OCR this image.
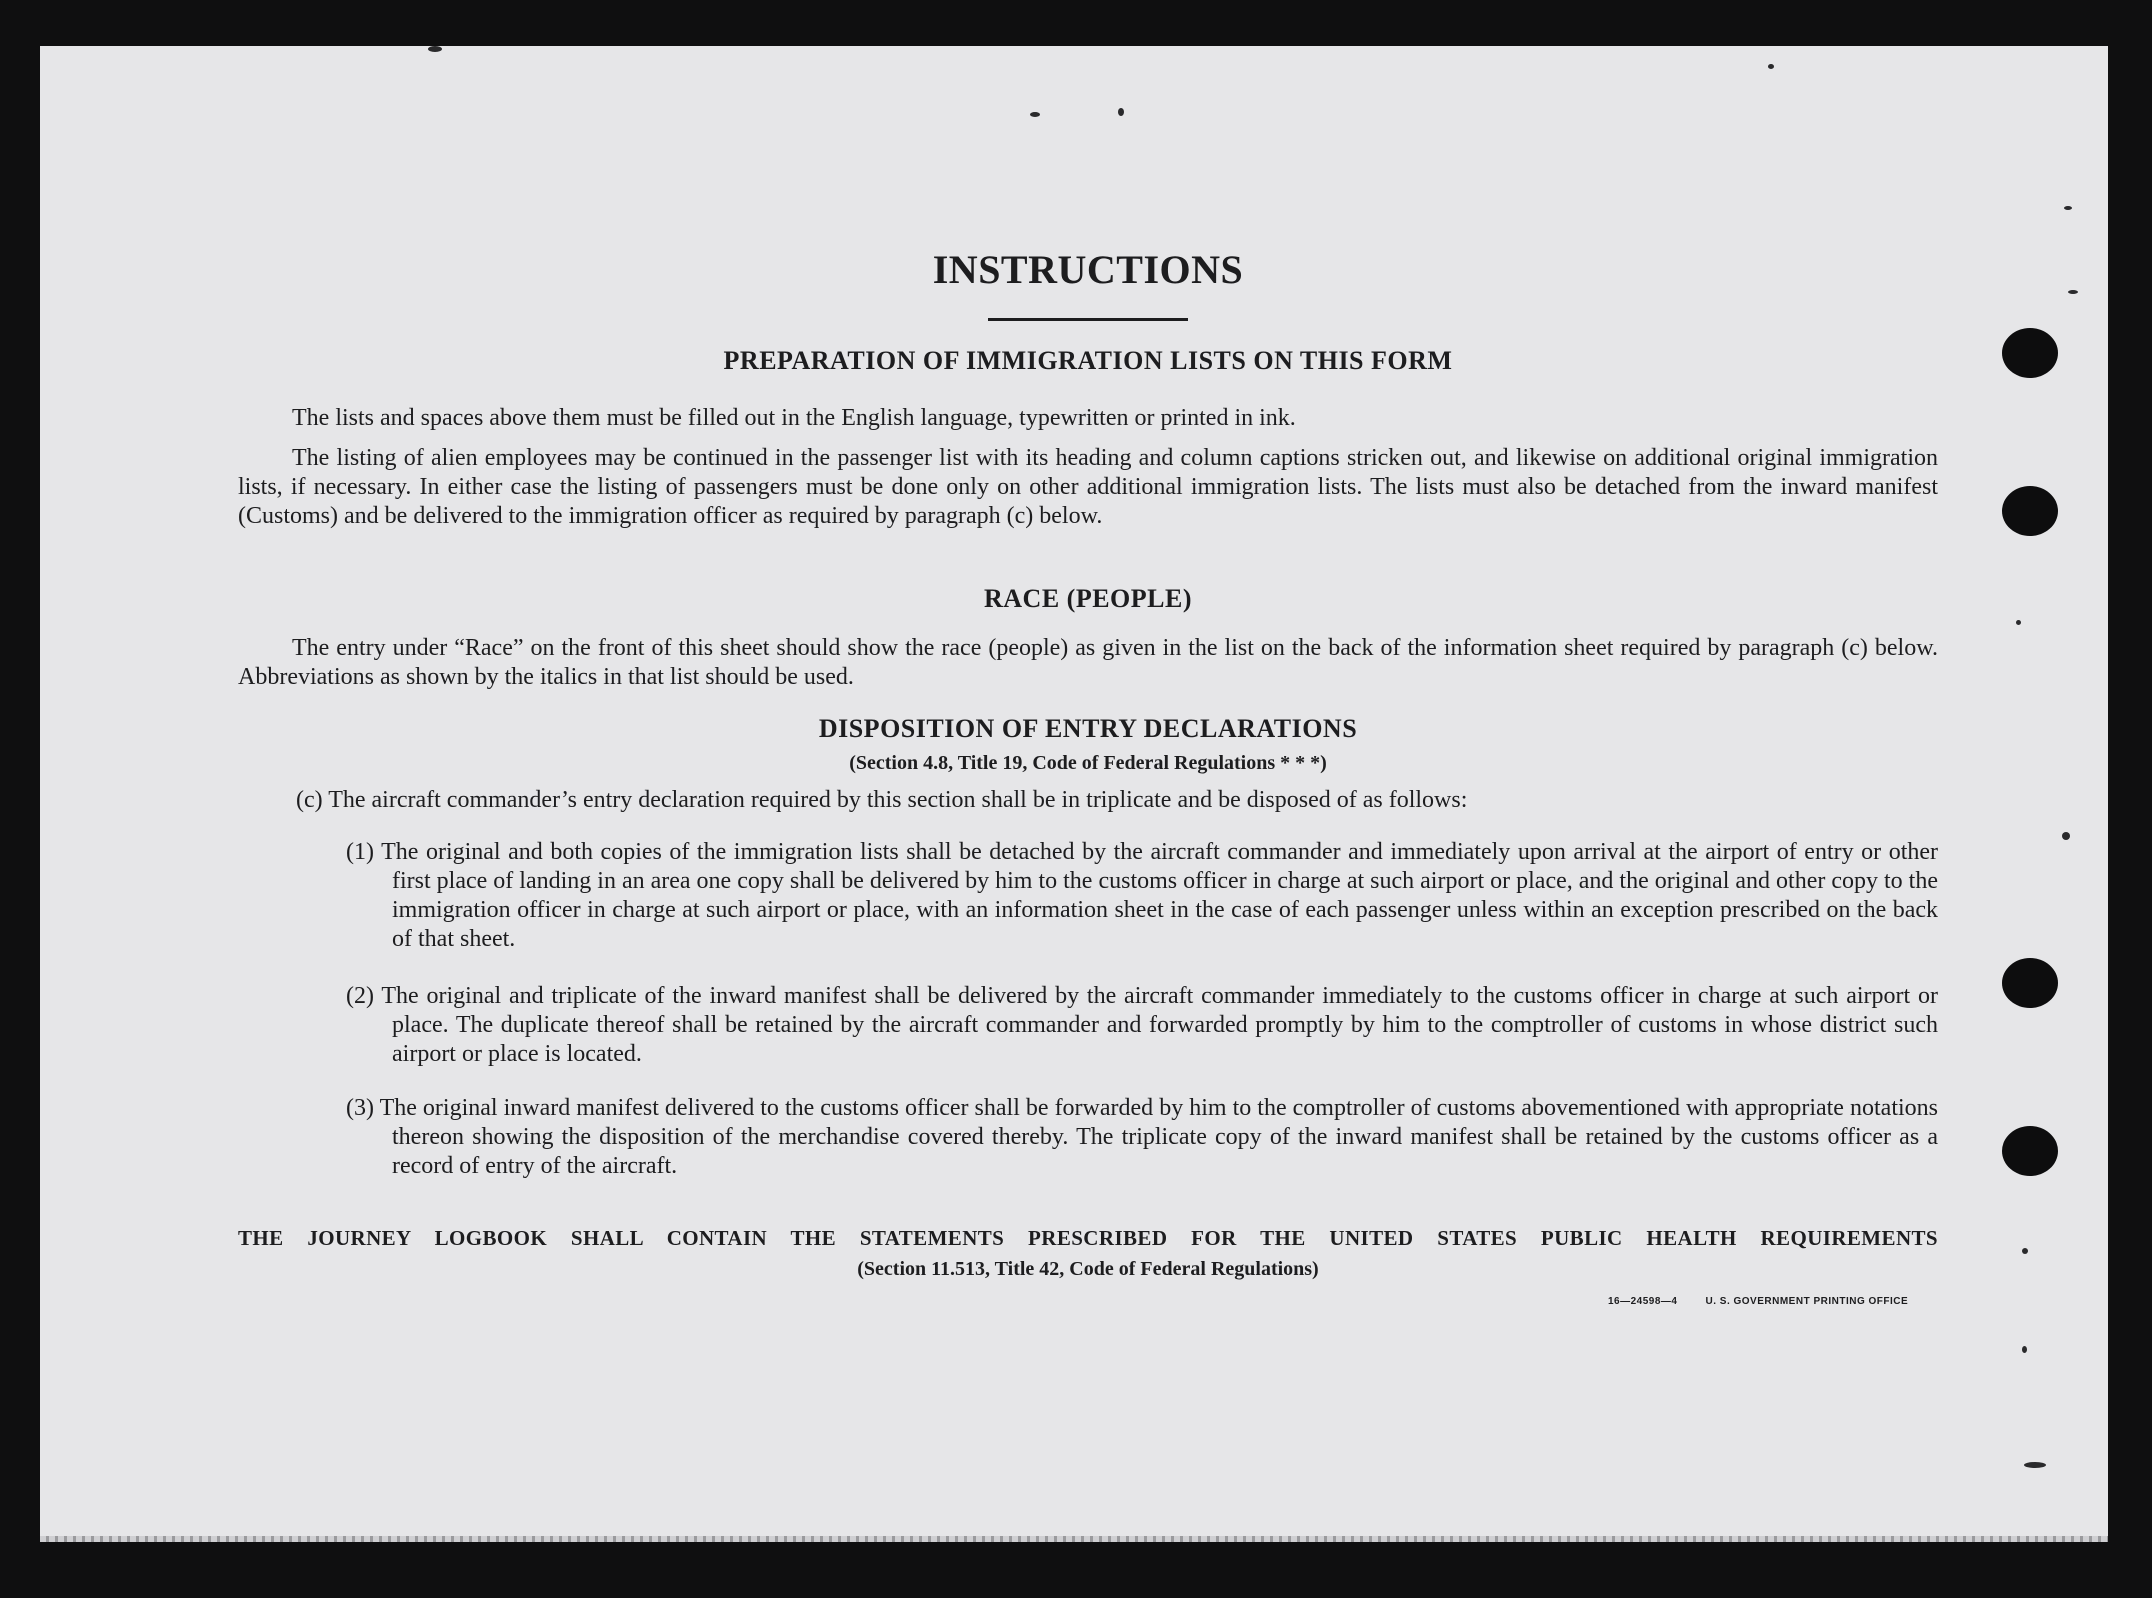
INSTRUCTIONS
PREPARATION OF IMMIGRATION LISTS ON THIS FORM
The lists and spaces above them must be filled out in the English language, typewritten or printed in ink.
The listing of alien employees may be continued in the passenger list with its heading and column captions stricken out, and likewise on additional original immigration lists, if necessary. In either case the listing of passengers must be done only on other additional immigration lists. The lists must also be detached from the inward manifest (Customs) and be delivered to the immigration officer as required by paragraph (c) below.
RACE (PEOPLE)
The entry under “Race” on the front of this sheet should show the race (people) as given in the list on the back of the information sheet required by paragraph (c) below. Abbreviations as shown by the italics in that list should be used.
DISPOSITION OF ENTRY DECLARATIONS
(Section 4.8, Title 19, Code of Federal Regulations * * *)
(c) The aircraft commander’s entry declaration required by this section shall be in triplicate and be disposed of as follows:
(1) The original and both copies of the immigration lists shall be detached by the aircraft commander and immediately upon arrival at the airport of entry or other first place of landing in an area one copy shall be delivered by him to the customs officer in charge at such airport or place, and the original and other copy to the immigration officer in charge at such airport or place, with an information sheet in the case of each passenger unless within an exception prescribed on the back of that sheet.
(2) The original and triplicate of the inward manifest shall be delivered by the aircraft commander immediately to the customs officer in charge at such airport or place. The duplicate thereof shall be retained by the aircraft commander and forwarded promptly by him to the comptroller of customs in whose district such airport or place is located.
(3) The original inward manifest delivered to the customs officer shall be forwarded by him to the comptroller of customs abovementioned with appropriate notations thereon showing the disposition of the merchandise covered thereby. The triplicate copy of the inward manifest shall be retained by the customs officer as a record of entry of the aircraft.
THE JOURNEY LOGBOOK SHALL CONTAIN THE STATEMENTS PRESCRIBED FOR THE UNITED STATES PUBLIC HEALTH REQUIREMENTS
(Section 11.513, Title 42, Code of Federal Regulations)
16—24598—4	U. S. GOVERNMENT PRINTING OFFICE
